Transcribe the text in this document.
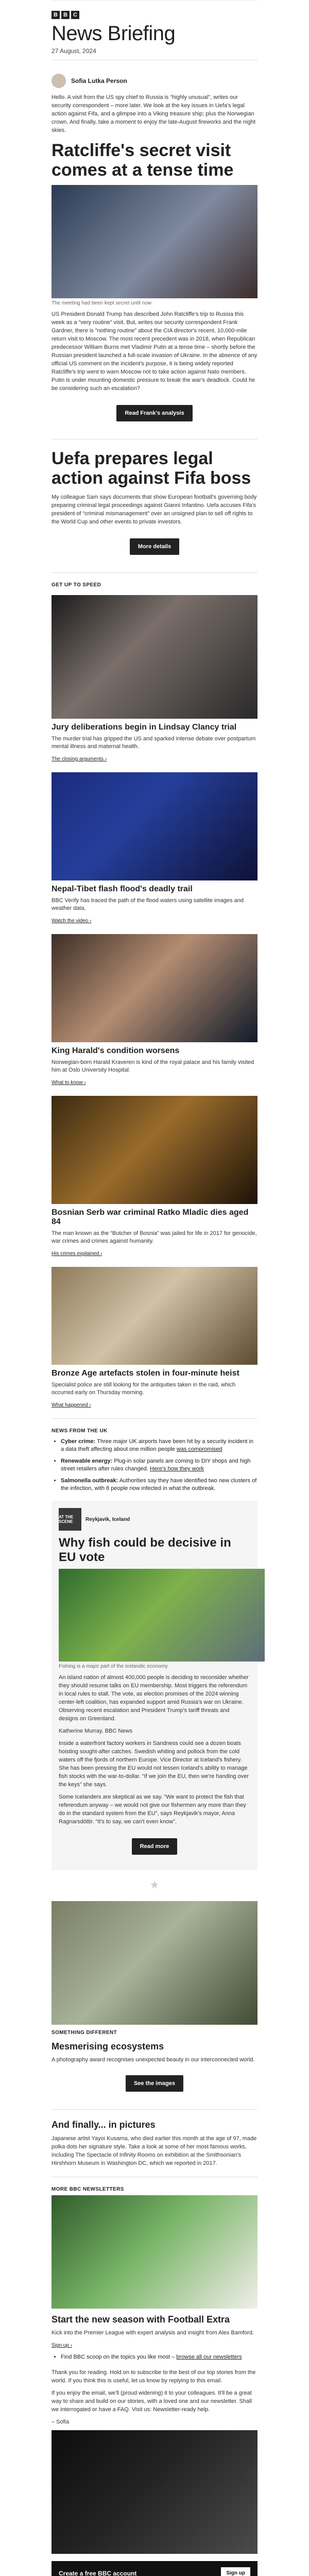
B	B	C
News Briefing
27 August, 2024
Sofia Lutka Person
Hello. A visit from the US spy chief to Russia is “highly unusual”, writes our security correspondent – more later. We look at the key issues in Uefa's legal action against Fifa, and a glimpse into a Viking treasure ship; plus the Norwegian crown. And finally, take a moment to enjoy the late-August fireworks and the night skies.
Ratcliffe's secret visit comes at a tense time
The meeting had been kept secret until now
US President Donald Trump has described John Ratcliffe's trip to Russia this week as a “very routine” visit. But, writes our security correspondent Frank Gardner, there is “nothing routine” about the CIA director's recent, 10,000-mile return visit to Moscow. The most recent precedent was in 2018, when Republican predecessor William Burns met Vladimir Putin at a tense time – shortly before the Russian president launched a full-scale invasion of Ukraine. In the absence of any official US comment on the incident's purpose, it is being widely reported Ratcliffe's trip went to warn Moscow not to take action against Nato members. Putin is under mounting domestic pressure to break the war's deadlock. Could he be considering such an escalation?
Read Frank's analysis
Uefa prepares legal action against Fifa boss
My colleague Sam says documents that show European football's governing body preparing criminal legal proceedings against Gianni Infantino. Uefa accuses Fifa's president of “criminal mismanagement” over an unsigned plan to sell off rights to the World Cup and other events to private investors.
More details
GET UP TO SPEED
Jury deliberations begin in Lindsay Clancy trial
The murder trial has gripped the US and sparked intense debate over postpartum mental illness and maternal health.
The closing arguments ›
Nepal-Tibet flash flood's deadly trail
BBC Verify has traced the path of the flood waters using satellite images and weather data.
Watch the video ›
King Harald's condition worsens
Norwegian-born Harald Kraveren is kind of the royal palace and his family visited him at Oslo University Hospital.
What to know ›
Bosnian Serb war criminal Ratko Mladic dies aged 84
The man known as the “Butcher of Bosnia” was jailed for life in 2017 for genocide, war crimes and crimes against humanity.
His crimes explained ›
Bronze Age artefacts stolen in four-minute heist
Specialist police are still looking for the antiquities taken in the raid, which occurred early on Thursday morning.
What happened ›
NEWS FROM THE UK
• Cyber crime: Three major UK airports have been hit by a security incident in a data theft affecting about one million people was compromised
• Renewable energy: Plug-in solar panels are coming to DIY shops and high street retailers after rules changed. Here's how they work
• Salmonella outbreak: Authorities say they have identified two new clusters of the infection, with 8 people now infected in what the outbreak.
AT THE SCENE	Reykjavik, Iceland
Why fish could be decisive in EU vote
Fishing is a major part of the Icelandic economy
An island nation of almost 400,000 people is deciding to reconsider whether they should resume talks on EU membership. Most triggers the referendum in local rules to stall. The vote, as election promises of the 2024 winning center-left coalition, has expanded support amid Russia's war on Ukraine. Observing recent escalation and President Trump's tariff threats and designs on Greenland.
Katherine Murray, BBC News
Inside a waterfront factory workers in Sandness could see a dozen boats hoisting sought-after catches. Swedish whiting and pollock from the cold waters off the fjords of northern Europe. Vice Director at Iceland's fishery. She has been pressing the EU would not lessen Iceland's ability to manage fish stocks with the war-to-dollar. “If we join the EU, then we're handing over the keys” she says.
Some Icelanders are skeptical as we say. “We want to protect the fish that referendum anyway – we would not give our fishermen any more than they do in the standard system from the EU”, says Reykjavik's mayor, Anna Ragnarsdóttir. “It's to say, we can't even know”.
Read more
SOMETHING DIFFERENT
Mesmerising ecosystems
A photography award recognises unexpected beauty in our interconnected world.
See the images
And finally... in pictures
Japanese artist Yayoi Kusama, who died earlier this month at the age of 97, made polka dots her signature style. Take a look at some of her most famous works, including The Spectacle of Infinity Rooms on exhibition at the Smithsonian's Hirshhorn Museum in Washington DC, which we reported in 2017.
MORE BBC NEWSLETTERS
Start the new season with Football Extra
Kick into the Premier League with expert analysis and insight from Alex Bamford.
Sign up ›
• Find BBC scoop on the topics you like most – browse all our newsletters
Thank you for reading. Hold on to subscribe to the best of our top stories from the world. If you think this is useful, let us know by replying to this email.
If you enjoy the email, we'll (proud widening) it to your colleagues. It'll be a great way to share and build on our stories, with a loved one and our newsletter. Shall we interrogated or have a FAQ. Visit us: Newsletter-ready help.
– Sofia
Create a free BBC account	Sign up
